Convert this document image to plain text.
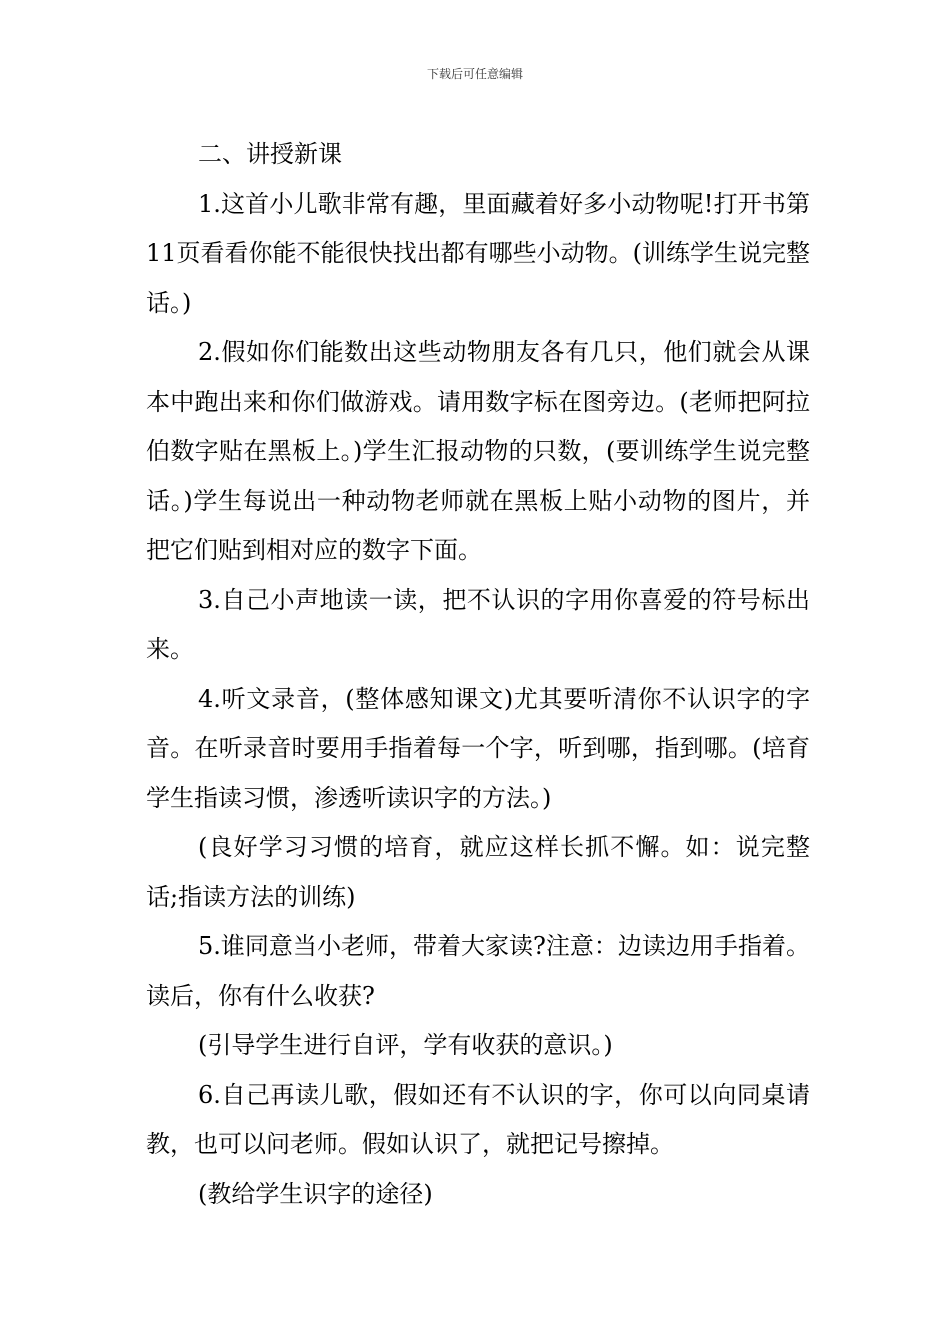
下载后可任意编辑

二、讲授新课

1.这首小儿歌非常有趣，里面藏着好多小动物呢!打开书第11页看看你能不能很快找出都有哪些小动物。(训练学生说完整话。)

2.假如你们能数出这些动物朋友各有几只，他们就会从课本中跑出来和你们做游戏。请用数字标在图旁边。(老师把阿拉伯数字贴在黑板上。)学生汇报动物的只数，(要训练学生说完整话。)学生每说出一种动物老师就在黑板上贴小动物的图片，并把它们贴到相对应的数字下面。

3.自己小声地读一读，把不认识的字用你喜爱的符号标出来。

4.听文录音，(整体感知课文)尤其要听清你不认识字的字音。在听录音时要用手指着每一个字，听到哪，指到哪。(培育学生指读习惯，渗透听读识字的方法。)

(良好学习习惯的培育，就应这样长抓不懈。如：说完整话;指读方法的训练)

5.谁同意当小老师，带着大家读?注意：边读边用手指着。读后，你有什么收获?

(引导学生进行自评，学有收获的意识。)

6.自己再读儿歌，假如还有不认识的字，你可以向同桌请教，也可以问老师。假如认识了，就把记号擦掉。

(教给学生识字的途径)
